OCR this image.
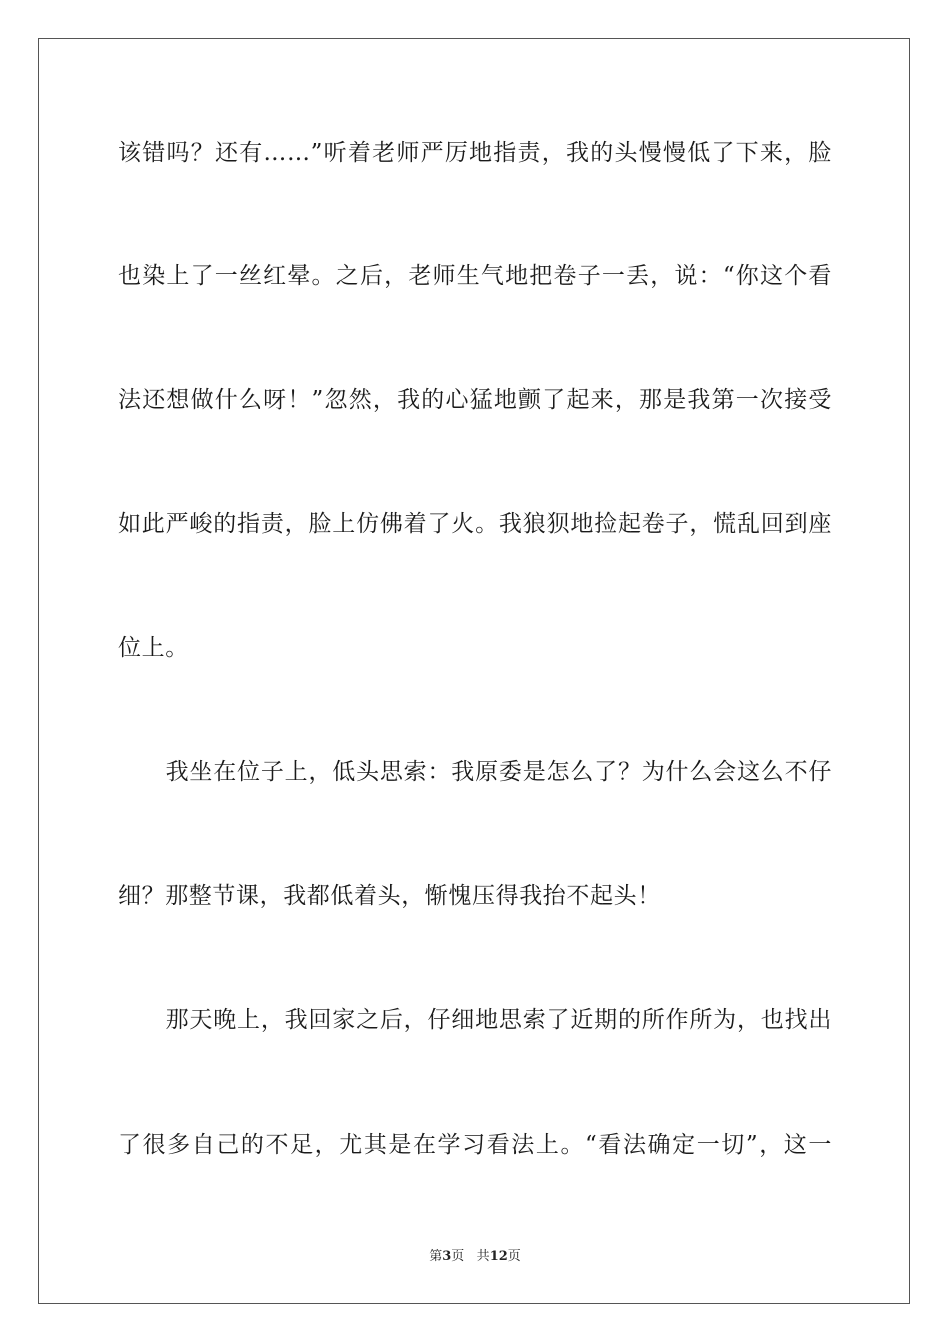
该错吗？还有……”听着老师严厉地指责，我的头慢慢低了下来，脸
也染上了一丝红晕。之后，老师生气地把卷子一丢，说：“你这个看
法还想做什么呀！”忽然，我的心猛地颤了起来，那是我第一次接受
如此严峻的指责，脸上仿佛着了火。我狼狈地捡起卷子，慌乱回到座
位上。
　　我坐在位子上，低头思索：我原委是怎么了？为什么会这么不仔
细？那整节课，我都低着头，惭愧压得我抬不起头！
　　那天晚上，我回家之后，仔细地思索了近期的所作所为，也找出
了很多自己的不足，尤其是在学习看法上。“看法确定一切”，这一
第3页 共12页
